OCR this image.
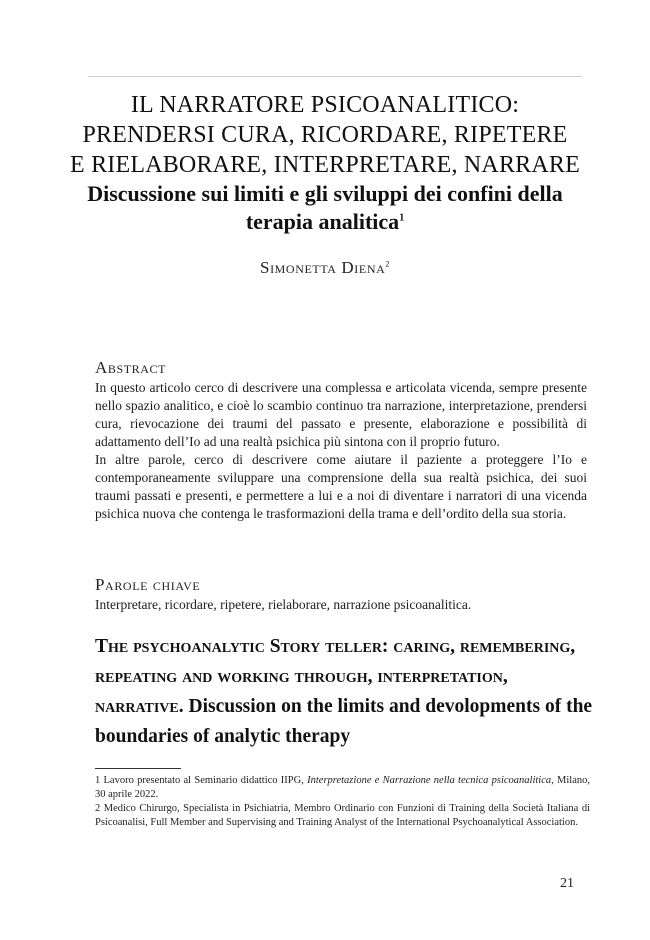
IL NARRATORE PSICOANALITICO:
PRENDERSI CURA, RICORDARE, RIPETERE
E RIELABORARE, INTERPRETARE, NARRARE
Discussione sui limiti e gli sviluppi dei confini della
terapia analitica$^1$
Simonetta Diena$^2$
Abstract

In questo articolo cerco di descrivere una complessa e articolata vicenda, sempre presente nello spazio analitico, e cioè lo scambio continuo tra narrazione, interpretazione, prendersi cura, rievocazione dei traumi del passato e presente, elaborazione e possibilità di adattamento dell’Io ad una realtà psichica più sintona con il proprio futuro.

In altre parole, cerco di descrivere come aiutare il paziente a proteggere l’Io e contemporaneamente sviluppare una comprensione della sua realtà psichica, dei suoi traumi passati e presenti, e permettere a lui e a noi di diventare i narratori di una vicenda psichica nuova che contenga le trasformazioni della trama e dell’ordito della sua storia.

Parole chiave
Interpretare, ricordare, ripetere, rielaborare, narrazione psicoanalitica.
The psychoanalytic Story teller: caring, remembering, repeating and working through, interpretation, narrative. Discussion on the limits and devolopments of the boundaries of analytic therapy

1 Lavoro presentato al Seminario didattico IIPG, Interpretazione e Narrazione nella tecnica psicoanalitica, Milano, 30 aprile 2022.

2 Medico Chirurgo, Specialista in Psichiatria, Membro Ordinario con Funzioni di Training della Società Italiana di Psicoanalisi, Full Member and Supervising and Training Analyst of the International Psychoanalytical Association.

21
